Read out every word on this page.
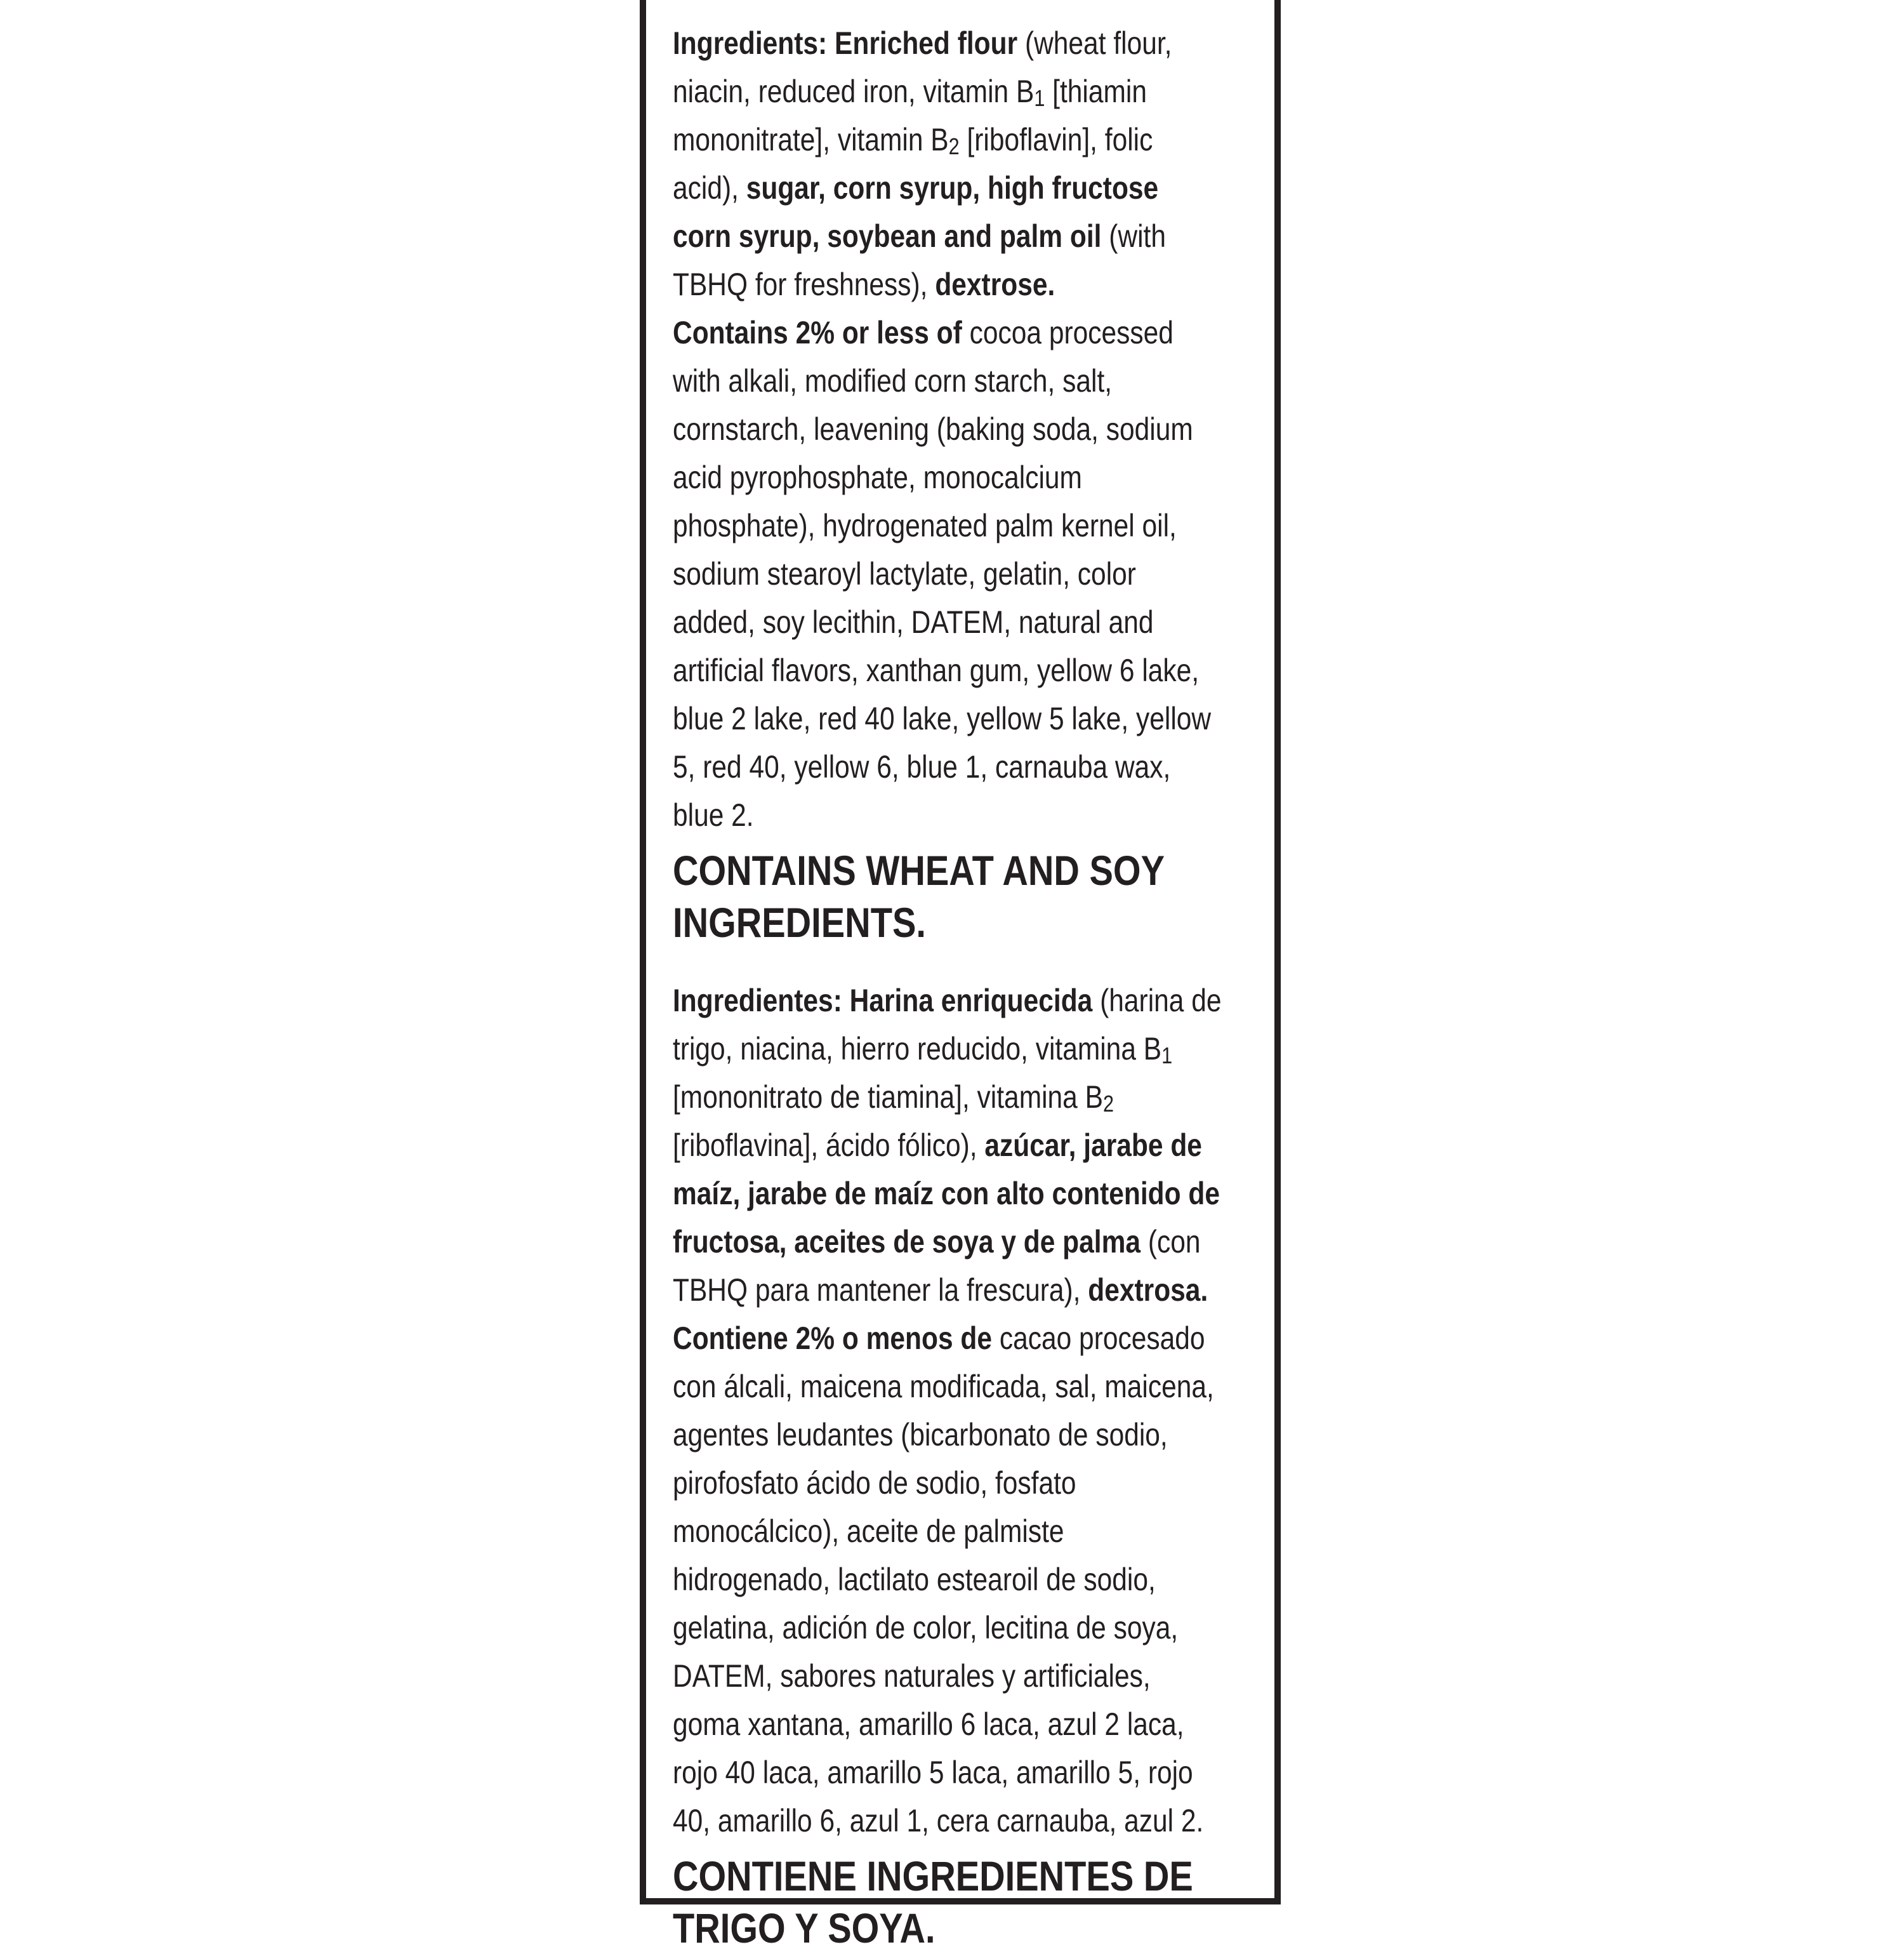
Ingredients: Enriched flour (wheat flour, niacin, reduced iron, vitamin $B_1$ [thiamin mononitrate], vitamin $B_2$ [riboflavin], folic acid), sugar, corn syrup, high fructose corn syrup, soybean and palm oil (with TBHQ for freshness), dextrose.

Contains 2% or less of cocoa processed with alkali, modified corn starch, salt, cornstarch, leavening (baking soda, sodium acid pyrophosphate, monocalcium phosphate), hydrogenated palm kernel oil, sodium stearoyl lactylate, gelatin, color added, soy lecithin, DATEM, natural and artificial flavors, xanthan gum, yellow 6 lake, blue 2 lake, red 40 lake, yellow 5 lake, yellow 5, red 40, yellow 6, blue 1, carnauba wax, blue 2.

CONTAINS WHEAT AND SOY INGREDIENTS.

Ingredientes: Harina enriquecida (harina de trigo, niacina, hierro reducido, vitamina $B_1$ [mononitrato de tiamina], vitamina $B_2$ [riboflavina], ácido fólico), azúcar, jarabe de maíz, jarabe de maíz con alto contenido de fructosa, aceites de soya y de palma (con TBHQ para mantener la frescura), dextrosa.

Contiene 2% o menos de cacao procesado con álcali, maicena modificada, sal, maicena, agentes leudantes (bicarbonato de sodio, pirofosfato ácido de sodio, fosfato monocálcico), aceite de palmiste hidrogenado, lactilato estearoil de sodio, gelatina, adición de color, lecitina de soya, DATEM, sabores naturales y artificiales, goma xantana, amarillo 6 laca, azul 2 laca, rojo 40 laca, amarillo 5 laca, amarillo 5, rojo 40, amarillo 6, azul 1, cera carnauba, azul 2.

CONTIENE INGREDIENTES DE TRIGO Y SOYA.
